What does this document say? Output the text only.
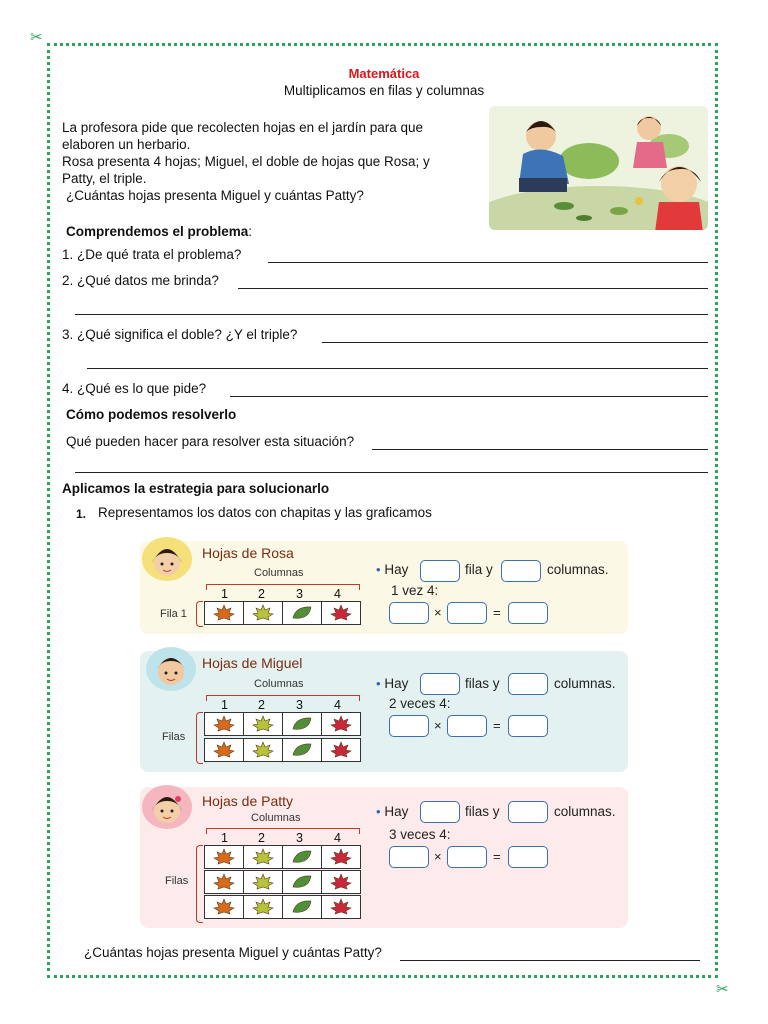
✂
✂
Matemática
Multiplicamos en filas y columnas
La profesora pide que recolecten hojas en el jardín para que
elaboren un herbario.
Rosa presenta 4 hojas; Miguel, el doble de hojas que Rosa; y
Patty, el triple.
¿Cuántas hojas presenta Miguel y cuántas Patty?
Comprendemos el problema:
1. ¿De qué trata el problema?
2. ¿Qué datos me brinda?
3. ¿Qué significa el doble? ¿Y el triple?
4. ¿Qué es lo que pide?
Cómo podemos resolverlo
Qué pueden hacer para resolver esta situación?
Aplicamos la estrategia para solucionarlo
1. Representamos los datos con chapitas y las graficamos
Hojas de Rosa
Columnas
1 2 3 4
Fila 1
• Hay	fila y	columnas.
1 vez 4:
×	=
Hojas de Miguel
Columnas
1 2 3 4
Filas
• Hay	filas y	columnas.
2 veces 4:
×	=
Hojas de Patty
Columnas
1 2 3 4
Filas
• Hay	filas y	columnas.
3 veces 4:
×	=
¿Cuántas hojas presenta Miguel y cuántas Patty?
